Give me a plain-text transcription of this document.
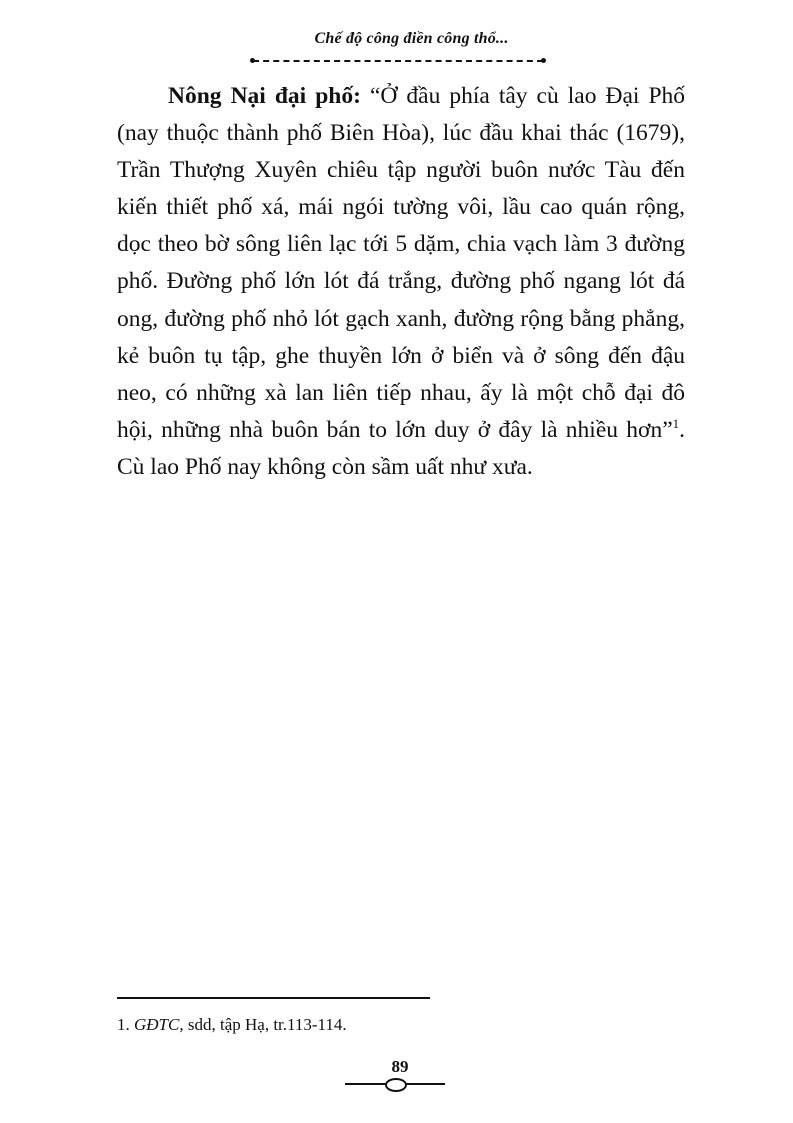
Chế độ công điền công thổ...

Nông Nại đại phố: “Ở đầu phía tây cù lao Đại Phố (nay thuộc thành phố Biên Hòa), lúc đầu khai thác (1679), Trần Thượng Xuyên chiêu tập người buôn nước Tàu đến kiến thiết phố xá, mái ngói tường vôi, lầu cao quán rộng, dọc theo bờ sông liên lạc tới 5 dặm, chia vạch làm 3 đường phố. Đường phố lớn lót đá trắng, đường phố ngang lót đá ong, đường phố nhỏ lót gạch xanh, đường rộng bằng phẳng, kẻ buôn tụ tập, ghe thuyền lớn ở biển và ở sông đến đậu neo, có những xà lan liên tiếp nhau, ấy là một chỗ đại đô hội, những nhà buôn bán to lớn duy ở đây là nhiều hơn”$^1$. Cù lao Phố nay không còn sầm uất như xưa.

1. GĐTC, sdd, tập Hạ, tr.113-114.

89
